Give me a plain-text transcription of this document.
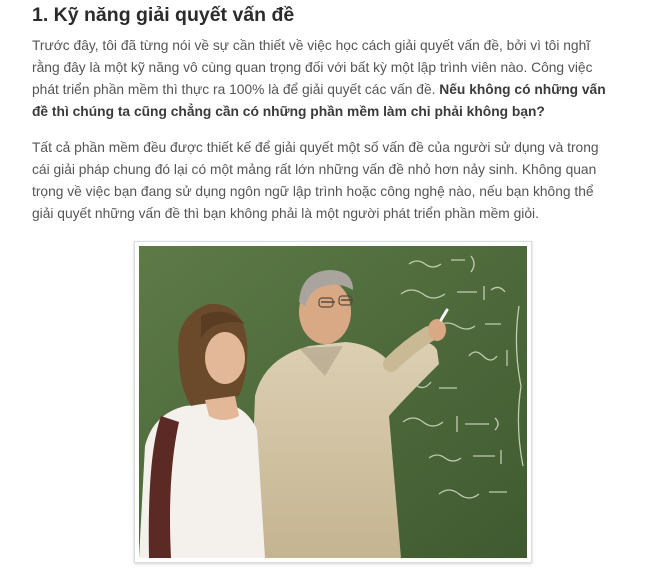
1. Kỹ năng giải quyết vấn đề
Trước đây, tôi đã từng nói về sự cần thiết về việc học cách giải quyết vấn đề, bởi vì tôi nghĩ
rằng đây là một kỹ năng vô cùng quan trọng đối với bất kỳ một lập trình viên nào. Công việc
phát triển phần mềm thì thực ra 100% là để giải quyết các vấn đề. Nếu không có những vấn
đề thì chúng ta cũng chẳng cần có những phần mềm làm chi phải không bạn?
Tất cả phần mềm đều được thiết kế để giải quyết một số vấn đề của người sử dụng và trong
cái giải pháp chung đó lại có một mảng rất lớn những vấn đề nhỏ hơn nảy sinh. Không quan
trọng về việc bạn đang sử dụng ngôn ngữ lập trình hoặc công nghệ nào, nếu bạn không thể
giải quyết những vấn đề thì bạn không phải là một người phát triển phần mềm giỏi.
